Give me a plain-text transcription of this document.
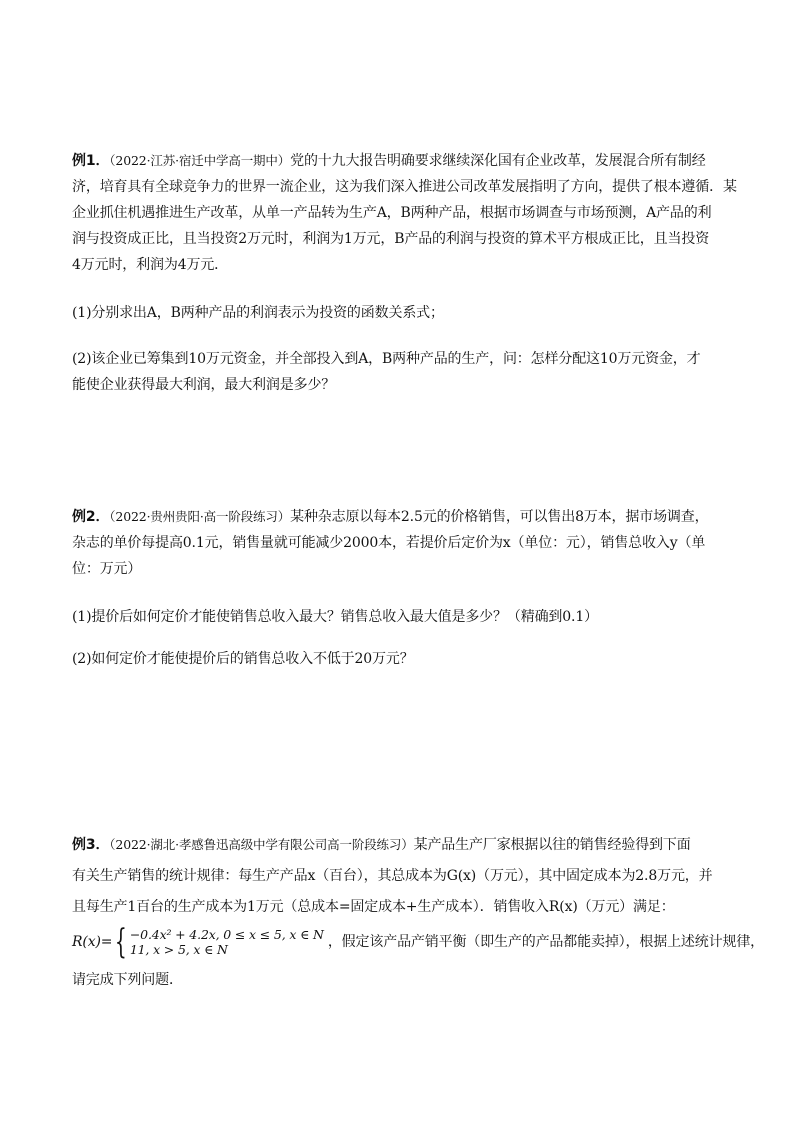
例1．（2022·江苏·宿迁中学高一期中）党的十九大报告明确要求继续深化国有企业改革，发展混合所有制经

济，培育具有全球竞争力的世界一流企业，这为我们深入推进公司改革发展指明了方向，提供了根本遵循．某

企业抓住机遇推进生产改革，从单一产品转为生产A，B两种产品，根据市场调查与市场预测，A产品的利

润与投资成正比，且当投资2万元时，利润为1万元，B产品的利润与投资的算术平方根成正比，且当投资

4万元时，利润为4万元．

(1)分别求出A，B两种产品的利润表示为投资的函数关系式；

(2)该企业已筹集到10万元资金，并全部投入到A，B两种产品的生产，问：怎样分配这10万元资金，才

能使企业获得最大利润，最大利润是多少？

例2．（2022·贵州贵阳·高一阶段练习）某种杂志原以每本2.5元的价格销售，可以售出8万本，据市场调查，

杂志的单价每提高0.1元，销售量就可能减少2000本，若提价后定价为x（单位：元），销售总收入y（单

位：万元）

(1)提价后如何定价才能使销售总收入最大？销售总收入最大值是多少？（精确到0.1）

(2)如何定价才能使提价后的销售总收入不低于20万元？

例3．（2022·湖北·孝感鲁迅高级中学有限公司高一阶段练习）某产品生产厂家根据以往的销售经验得到下面

有关生产销售的统计规律：每生产产品x（百台），其总成本为G(x)（万元），其中固定成本为2.8万元，并

且每生产1百台的生产成本为1万元（总成本=固定成本+生产成本）．销售收入R(x)（万元）满足：

R(x)={ −0.4x² + 4.2x, 0 ≤ x ≤ 5, x ∈ N
11, x > 5, x ∈ N	，假定该产品产销平衡（即生产的产品都能卖掉），根据上述统计规律，

请完成下列问题．
